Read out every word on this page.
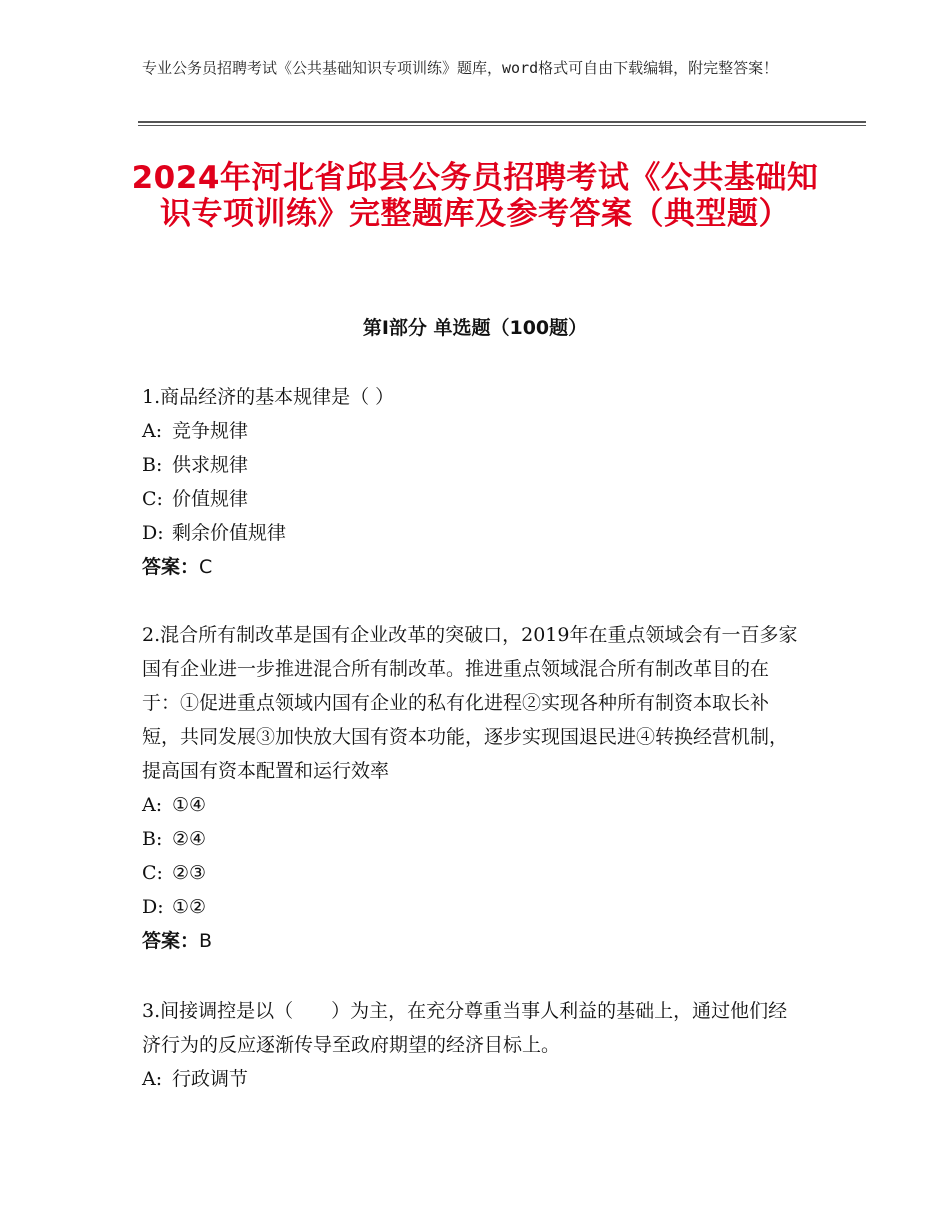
专业公务员招聘考试《公共基础知识专项训练》题库，word格式可自由下载编辑，附完整答案！
2024年河北省邱县公务员招聘考试《公共基础知识专项训练》完整题库及参考答案（典型题）
第Ⅰ部分 单选题（100题）

1.商品经济的基本规律是（ ）

A: 竞争规律

B: 供求规律

C: 价值规律

D: 剩余价值规律

答案：C

2.混合所有制改革是国有企业改革的突破口，2019年在重点领域会有一百多家国有企业进一步推进混合所有制改革。推进重点领域混合所有制改革目的在于：①促进重点领域内国有企业的私有化进程②实现各种所有制资本取长补短，共同发展③加快放大国有资本功能，逐步实现国退民进④转换经营机制，提高国有资本配置和运行效率

A: ①④

B: ②④

C: ②③

D: ①②

答案：B

3.间接调控是以（　　）为主，在充分尊重当事人利益的基础上，通过他们经济行为的反应逐渐传导至政府期望的经济目标上。

A: 行政调节
